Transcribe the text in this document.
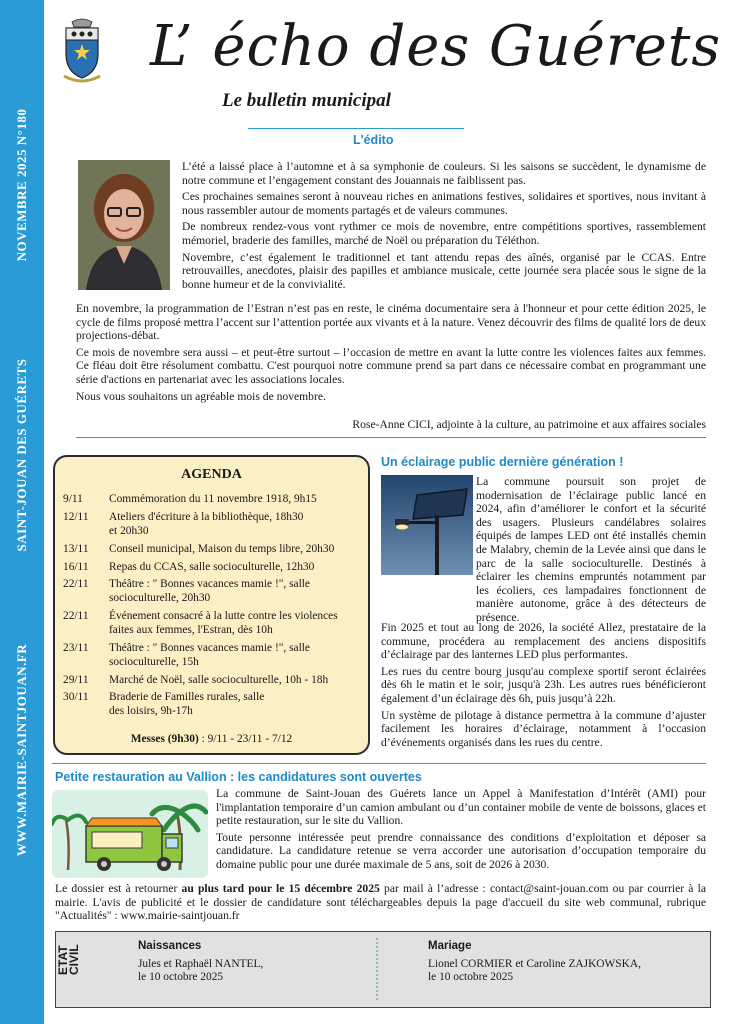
NOVEMBRE 2025 N°180
SAINT-JOUAN DES GUÉRETS
WWW.MAIRIE-SAINTJOUAN.FR
L’ écho des Guérets
Le bulletin municipal
L'édito

L’été a laissé place à l’automne et à sa symphonie de couleurs. Si les saisons se succèdent, le dynamisme de notre commune et l’engagement constant des Jouannais ne faiblissent pas.

Ces prochaines semaines seront à nouveau riches en animations festives, solidaires et sportives, nous invitant à nous rassembler autour de moments partagés et de valeurs communes.

De nombreux rendez-vous vont rythmer ce mois de novembre, entre compétitions sportives, rassemblement mémoriel, braderie des familles, marché de Noël ou préparation du Téléthon.

Novembre, c’est également le traditionnel et tant attendu repas des aînés, organisé par le CCAS. Entre retrouvailles, anecdotes, plaisir des papilles et ambiance musicale, cette journée sera placée sous le signe de la bonne humeur et de la convivialité.

En novembre, la programmation de l’Estran n’est pas en reste, le cinéma documentaire sera à l'honneur et pour cette édition 2025, le cycle de films proposé mettra l’accent sur l’attention portée aux vivants et à la nature. Venez découvrir des films de qualité lors de deux projections-débat.

Ce mois de novembre sera aussi – et peut-être surtout – l’occasion de mettre en avant la lutte contre les violences faites aux femmes. Ce fléau doit être résolument combattu. C'est pourquoi notre commune prend sa part dans ce nécessaire combat en programmant une série d'actions en partenariat avec les associations locales.

Nous vous souhaitons un agréable mois de novembre.

Rose-Anne CICI, adjointe à la culture, au patrimoine et aux affaires sociales
AGENDA
9/11	Commémoration du 11 novembre 1918, 9h15
12/11	Ateliers d'écriture à la bibliothèque, 18h30 et 20h30
13/11	Conseil municipal, Maison du temps libre, 20h30
16/11	Repas du CCAS, salle socioculturelle, 12h30
22/11	Théâtre : " Bonnes vacances mamie !", salle socioculturelle, 20h30
22/11	Événement consacré à la lutte contre les violences faites aux femmes, l'Estran, dès 10h
23/11	Théâtre : " Bonnes vacances mamie !", salle socioculturelle, 15h
29/11	Marché de Noël, salle socioculturelle, 10h - 18h
30/11	Braderie de Familles rurales, salle des loisirs, 9h-17h
Messes (9h30) : 9/11 - 23/11 - 7/12
Un éclairage public dernière génération !
La commune poursuit son projet de modernisation de l’éclairage public lancé en 2024, afin d’améliorer le confort et la sécurité des usagers. Plusieurs candélabres solaires équipés de lampes LED ont été installés chemin de Malabry, chemin de la Levée ainsi que dans le parc de la salle socioculturelle. Destinés à éclairer les chemins empruntés notamment par les écoliers, ces lampadaires fonctionnent de manière autonome, grâce à des détecteurs de présence.

Fin 2025 et tout au long de 2026, la société Allez, prestataire de la commune, procédera au remplacement des anciens dispositifs d’éclairage par des lanternes LED plus performantes.

Les rues du centre bourg jusqu'au complexe sportif seront éclairées dès 6h le matin et le soir, jusqu'à 23h. Les autres rues bénéficieront également d’un éclairage dès 6h, puis jusqu’à 22h.

Un système de pilotage à distance permettra à la commune d’ajuster facilement les horaires d’éclairage, notamment à l’occasion d’événements organisés dans les rues du centre.

Petite restauration au Vallion : les candidatures sont ouvertes

La commune de Saint-Jouan des Guérets lance un Appel à Manifestation d’Intérêt (AMI) pour l'implantation temporaire d’un camion ambulant ou d’un container mobile de vente de boissons, glaces et petite restauration, sur le site du Vallion.

Toute personne intéressée peut prendre connaissance des conditions d’exploitation et déposer sa candidature. La candidature retenue se verra accorder une autorisation d’occupation temporaire du domaine public pour une durée maximale de 5 ans, soit de 2026 à 2030.

Le dossier est à retourner au plus tard pour le 15 décembre 2025 par mail à l’adresse : contact@saint-jouan.com ou par courrier à la mairie. L'avis de publicité et le dossier de candidature sont téléchargeables depuis la page d'accueil du site web communal, rubrique "Actualités" : www.mairie-saintjouan.fr
ETAT
CIVIL	Naissances
Jules et Raphaël NANTEL,
le 10 octobre 2025
Mariage
Lionel CORMIER et Caroline ZAJKOWSKA,
le 10 octobre 2025
